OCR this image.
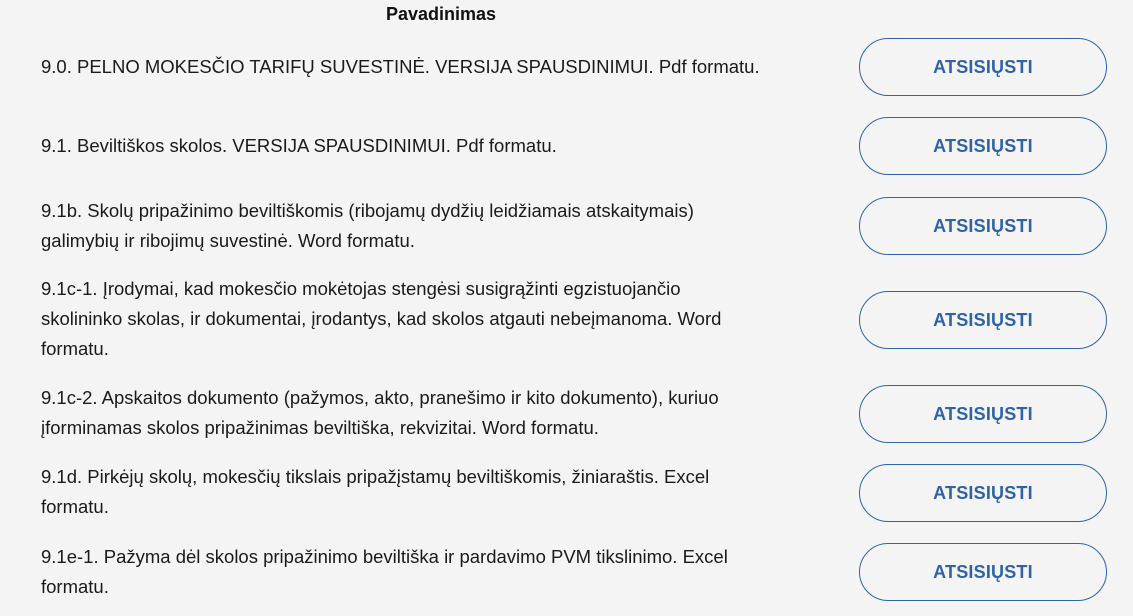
Pavadinimas
9.0. PELNO MOKESČIO TARIFŲ SUVESTINĖ. VERSIJA SPAUSDINIMUI. Pdf formatu.	ATSISIŲSTI
9.1. Beviltiškos skolos. VERSIJA SPAUSDINIMUI. Pdf formatu.	ATSISIŲSTI
9.1b. Skolų pripažinimo beviltiškomis (ribojamų dydžių leidžiamais atskaitymais)
galimybių ir ribojimų suvestinė. Word formatu.
ATSISIŲSTI
9.1c-1. Įrodymai, kad mokesčio mokėtojas stengėsi susigrąžinti egzistuojančio
skolininko skolas, ir dokumentai, įrodantys, kad skolos atgauti nebeįmanoma. Word
formatu.
ATSISIŲSTI
9.1c-2. Apskaitos dokumento (pažymos, akto, pranešimo ir kito dokumento), kuriuo
įforminamas skolos pripažinimas beviltiška, rekvizitai. Word formatu.
ATSISIŲSTI
9.1d. Pirkėjų skolų, mokesčių tikslais pripažįstamų beviltiškomis, žiniaraštis. Excel
formatu.
ATSISIŲSTI
9.1e-1. Pažyma dėl skolos pripažinimo beviltiška ir pardavimo PVM tikslinimo. Excel
formatu.
ATSISIŲSTI
